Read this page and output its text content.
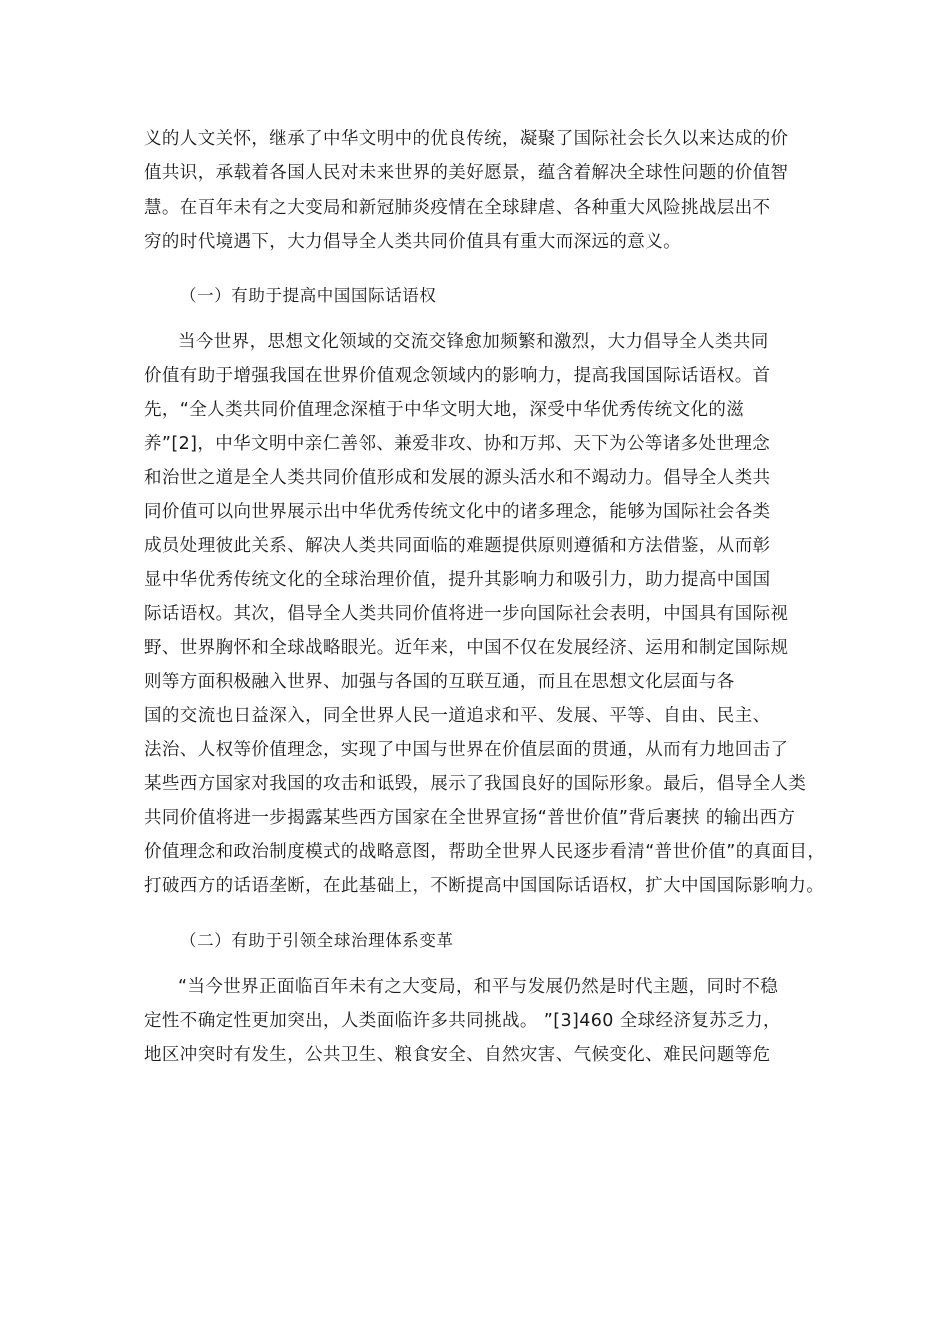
义的人文关怀，继承了中华文明中的优良传统，凝聚了国际社会长久以来达成的价

值共识，承载着各国人民对未来世界的美好愿景，蕴含着解决全球性问题的价值智

慧。在百年未有之大变局和新冠肺炎疫情在全球肆虐、各种重大风险挑战层出不

穷的时代境遇下，大力倡导全人类共同价值具有重大而深远的意义。

（一）有助于提高中国国际话语权

当今世界，思想文化领域的交流交锋愈加频繁和激烈，大力倡导全人类共同

价值有助于增强我国在世界价值观念领域内的影响力，提高我国国际话语权。首

先，“全人类共同价值理念深植于中华文明大地，深受中华优秀传统文化的滋

养”[2]，中华文明中亲仁善邻、兼爱非攻、协和万邦、天下为公等诸多处世理念

和治世之道是全人类共同价值形成和发展的源头活水和不竭动力。倡导全人类共

同价值可以向世界展示出中华优秀传统文化中的诸多理念，能够为国际社会各类

成员处理彼此关系、解决人类共同面临的难题提供原则遵循和方法借鉴，从而彰

显中华优秀传统文化的全球治理价值，提升其影响力和吸引力，助力提高中国国

际话语权。其次，倡导全人类共同价值将进一步向国际社会表明，中国具有国际视

野、世界胸怀和全球战略眼光。近年来，中国不仅在发展经济、运用和制定国际规

则等方面积极融入世界、加强与各国的互联互通，而且在思想文化层面与各

国的交流也日益深入，同全世界人民一道追求和平、发展、平等、自由、民主、

法治、人权等价值理念，实现了中国与世界在价值层面的贯通，从而有力地回击了

某些西方国家对我国的攻击和诋毁，展示了我国良好的国际形象。最后，倡导全人类

共同价值将进一步揭露某些西方国家在全世界宣扬“普世价值”背后裹挟 的输出西方

价值理念和政治制度模式的战略意图，帮助全世界人民逐步看清“普世价值”的真面目，

打破西方的话语垄断，在此基础上，不断提高中国国际话语权，扩大中国国际影响力。

（二）有助于引领全球治理体系变革

“当今世界正面临百年未有之大变局，和平与发展仍然是时代主题，同时不稳

定性不确定性更加突出，人类面临许多共同挑战。 ”[3]460 全球经济复苏乏力，

地区冲突时有发生，公共卫生、粮食安全、自然灾害、气候变化、难民问题等危
